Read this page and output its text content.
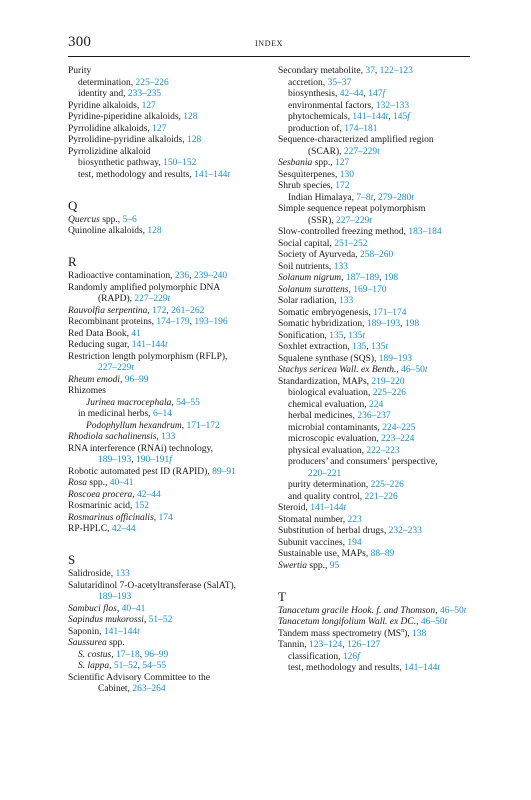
300	INDEX
Purity
determination, 225–226
identity and, 233–235
Pyridine alkaloids, 127
Pyridine-piperidine alkaloids, 128
Pyrrolidine alkaloids, 127
Pyrrolidine-pyridine alkaloids, 128
Pyrrolizidine alkaloid
biosynthetic pathway, 150–152
test, methodology and results, 141–144t
Q
Quercus spp., 5–6
Quinoline alkaloids, 128
R
Radioactive contamination, 236, 239–240
Randomly amplified polymorphic DNA
(RAPD), 227–229t
Rauvolfia serpentina, 172, 261–262
Recombinant proteins, 174–179, 193–196
Red Data Book, 41
Reducing sugar, 141–144t
Restriction length polymorphism (RFLP),
227–229t
Rheum emodi, 96–99
Rhizomes
Jurinea macrocephala, 54–55
in medicinal herbs, 6–14
Podophyllum hexandrum, 171–172
Rhodiola sachalinensis, 133
RNA interference (RNAi) technology,
189–193, 190–191f
Robotic automated pest ID (RAPID), 89–91
Rosa spp., 40–41
Roscoea procera, 42–44
Rosmarinic acid, 152
Rosmarinus officinalis, 174
RP-HPLC, 42–44
S
Salidroside, 133
Salutaridinol 7-O-acetyltransferase (SalAT),
189–193
Sambuci flos, 40–41
Sapindus mukorossi, 51–52
Saponin, 141–144t
Saussurea spp.
S. costus, 17–18, 96–99
S. lappa, 51–52, 54–55
Scientific Advisory Committee to the
Cabinet, 263–264
Secondary metabolite, 37, 122–123
accretion, 35–37
biosynthesis, 42–44, 147f
environmental factors, 132–133
phytochemicals, 141–144t, 145f
production of, 174–181
Sequence-characterized amplified region
(SCAR), 227–229t
Sesbania spp., 127
Sesquiterpenes, 130
Shrub species, 172
Indian Himalaya, 7–8t, 279–280t
Simple sequence repeat polymorphism
(SSR), 227–229t
Slow-controlled freezing method, 183–184
Social capital, 251–252
Society of Ayurveda, 258–260
Soil nutrients, 133
Solanum nigrum, 187–189, 198
Solanum surattens, 169–170
Solar radiation, 133
Somatic embryogenesis, 171–174
Somatic hybridization, 189–193, 198
Sonification, 135, 135t
Soxhlet extraction, 135, 135t
Squalene synthase (SQS), 189–193
Stachys sericea Wall. ex Benth., 46–50t
Standardization, MAPs, 219–220
biological evaluation, 225–226
chemical evaluation, 224
herbal medicines, 236–237
microbial contaminants, 224–225
microscopic evaluation, 223–224
physical evaluation, 222–223
producers’ and consumers’ perspective,
220–221
purity determination, 225–226
and quality control, 221–226
Steroid, 141–144t
Stomatal number, 223
Substitution of herbal drugs, 232–233
Subunit vaccines, 194
Sustainable use, MAPs, 88–89
Swertia spp., 95
T
Tanacetum gracile Hook. f. and Thomson, 46–50t
Tanacetum longifolium Wall. ex DC., 46–50t
Tandem mass spectrometry $(MS^n)$, 138
Tannin, 123–124, 126–127
classification, 126f
test, methodology and results, 141–144t
